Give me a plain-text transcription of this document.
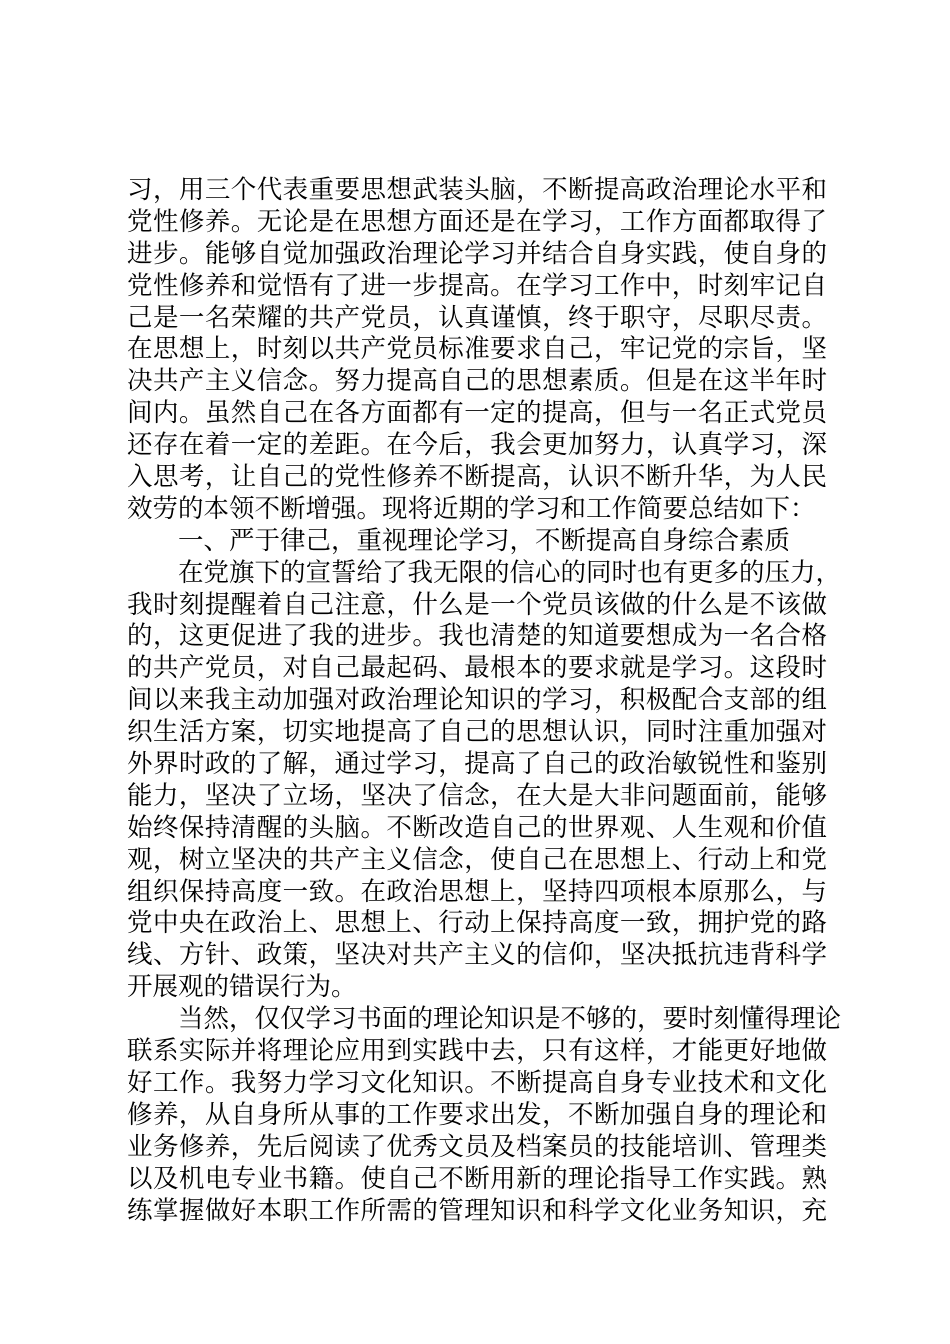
习，用三个代表重要思想武装头脑，不断提高政治理论水平和
党性修养。无论是在思想方面还是在学习，工作方面都取得了
进步。能够自觉加强政治理论学习并结合自身实践，使自身的
党性修养和觉悟有了进一步提高。在学习工作中，时刻牢记自
己是一名荣耀的共产党员，认真谨慎，终于职守，尽职尽责。
在思想上，时刻以共产党员标准要求自己，牢记党的宗旨，坚
决共产主义信念。努力提高自己的思想素质。但是在这半年时
间内。虽然自己在各方面都有一定的提高，但与一名正式党员
还存在着一定的差距。在今后，我会更加努力，认真学习，深
入思考，让自己的党性修养不断提高，认识不断升华，为人民
效劳的本领不断增强。现将近期的学习和工作简要总结如下：
一、严于律己，重视理论学习，不断提高自身综合素质
在党旗下的宣誓给了我无限的信心的同时也有更多的压力，
我时刻提醒着自己注意，什么是一个党员该做的什么是不该做
的，这更促进了我的进步。我也清楚的知道要想成为一名合格
的共产党员，对自己最起码、最根本的要求就是学习。这段时
间以来我主动加强对政治理论知识的学习，积极配合支部的组
织生活方案，切实地提高了自己的思想认识，同时注重加强对
外界时政的了解，通过学习，提高了自己的政治敏锐性和鉴别
能力，坚决了立场，坚决了信念，在大是大非问题面前，能够
始终保持清醒的头脑。不断改造自己的世界观、人生观和价值
观，树立坚决的共产主义信念，使自己在思想上、行动上和党
组织保持高度一致。在政治思想上，坚持四项根本原那么，与
党中央在政治上、思想上、行动上保持高度一致，拥护党的路
线、方针、政策，坚决对共产主义的信仰，坚决抵抗违背科学
开展观的错误行为。
当然，仅仅学习书面的理论知识是不够的，要时刻懂得理论
联系实际并将理论应用到实践中去，只有这样，才能更好地做
好工作。我努力学习文化知识。不断提高自身专业技术和文化
修养，从自身所从事的工作要求出发，不断加强自身的理论和
业务修养，先后阅读了优秀文员及档案员的技能培训、管理类
以及机电专业书籍。使自己不断用新的理论指导工作实践。熟
练掌握做好本职工作所需的管理知识和科学文化业务知识，充
